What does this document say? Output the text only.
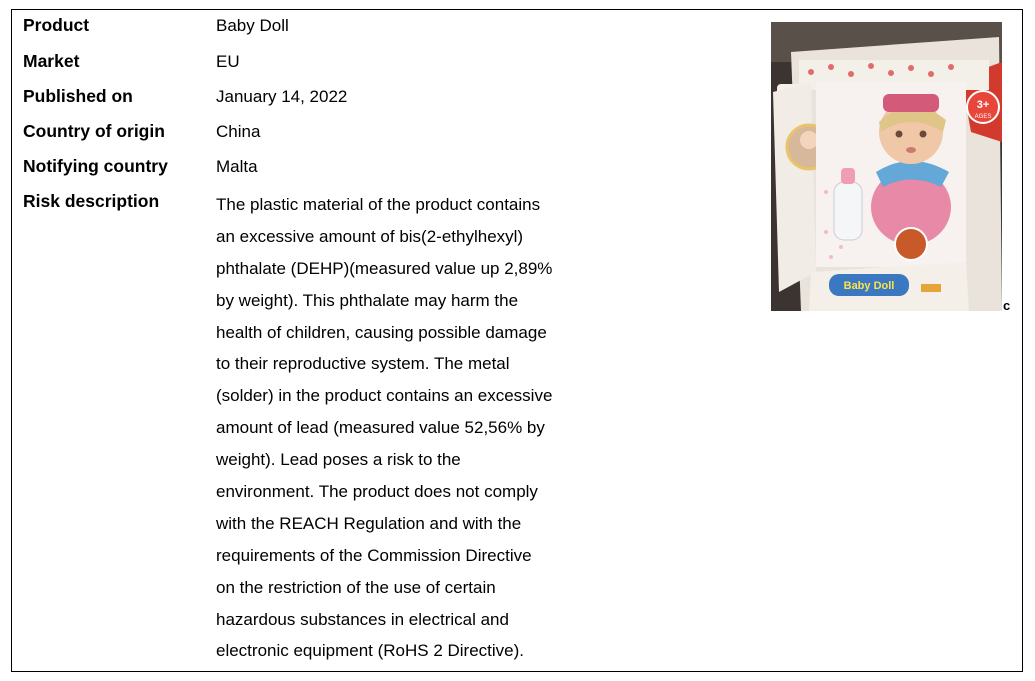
Product	Baby Doll
Market	EU
Published on	January 14, 2022
Country of origin	China
Notifying country	Malta
Risk description	The plastic material of the product contains
an excessive amount of bis(2-ethylhexyl)
phthalate (DEHP)(measured value up 2,89%
by weight). This phthalate may harm the
health of children, causing possible damage
to their reproductive system. The metal
(solder) in the product contains an excessive
amount of lead (measured value 52,56% by
weight). Lead poses a risk to the
environment. The product does not comply
with the REACH Regulation and with the
requirements of the Commission Directive
on the restriction of the use of certain
hazardous substances in electrical and
electronic equipment (RoHS 2 Directive).
3+
AGES
Baby Doll
c
